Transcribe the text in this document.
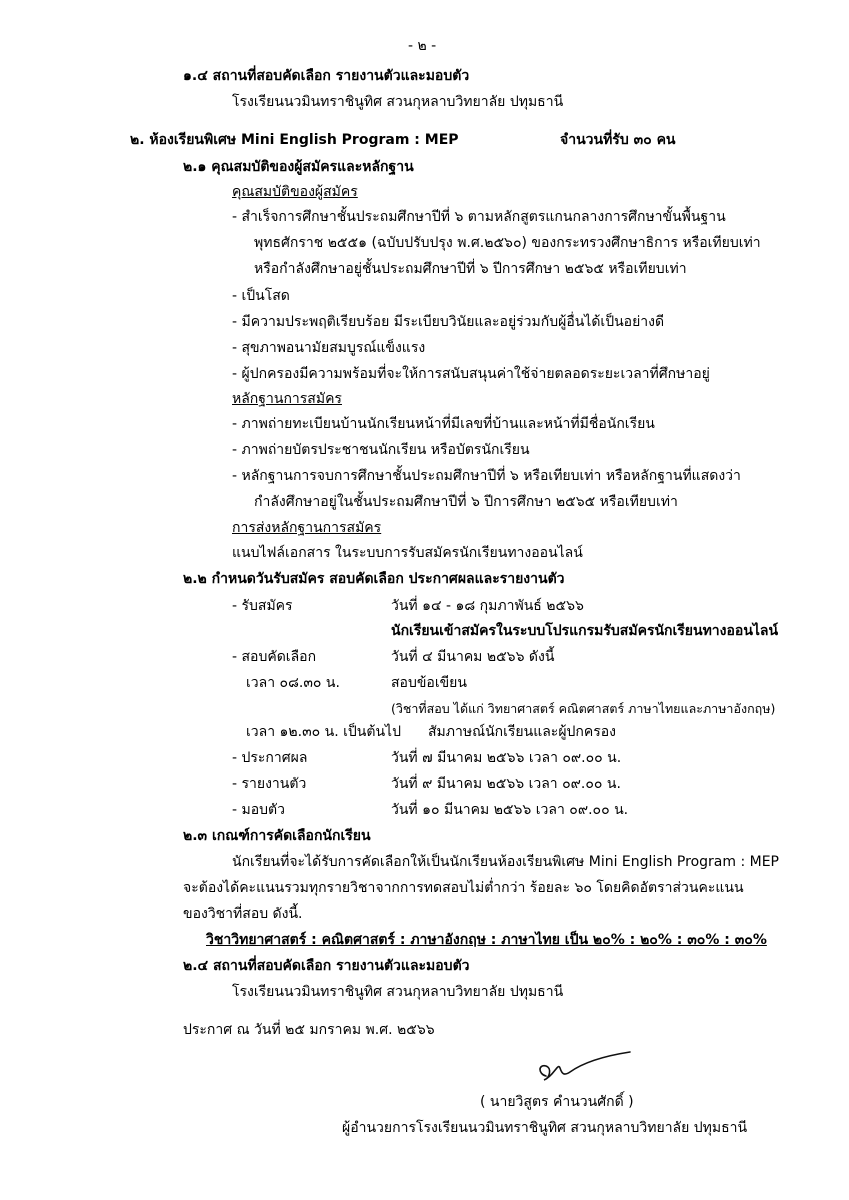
- ๒ -
๑.๔ สถานที่สอบคัดเลือก รายงานตัวและมอบตัว
โรงเรียนนวมินทราชินูทิศ สวนกุหลาบวิทยาลัย ปทุมธานี
๒. ห้องเรียนพิเศษ Mini English Program : MEP	จำนวนที่รับ ๓๐ คน
๒.๑ คุณสมบัติของผู้สมัครและหลักฐาน
คุณสมบัติของผู้สมัคร
- สำเร็จการศึกษาชั้นประถมศึกษาปีที่ ๖ ตามหลักสูตรแกนกลางการศึกษาขั้นพื้นฐาน
พุทธศักราช ๒๕๕๑ (ฉบับปรับปรุง พ.ศ.๒๕๖๐) ของกระทรวงศึกษาธิการ หรือเทียบเท่า
หรือกำลังศึกษาอยู่ชั้นประถมศึกษาปีที่ ๖ ปีการศึกษา ๒๕๖๕ หรือเทียบเท่า
- เป็นโสด
- มีความประพฤติเรียบร้อย มีระเบียบวินัยและอยู่ร่วมกับผู้อื่นได้เป็นอย่างดี
- สุขภาพอนามัยสมบูรณ์แข็งแรง
- ผู้ปกครองมีความพร้อมที่จะให้การสนับสนุนค่าใช้จ่ายตลอดระยะเวลาที่ศึกษาอยู่
หลักฐานการสมัคร
- ภาพถ่ายทะเบียนบ้านนักเรียนหน้าที่มีเลขที่บ้านและหน้าที่มีชื่อนักเรียน
- ภาพถ่ายบัตรประชาชนนักเรียน หรือบัตรนักเรียน
- หลักฐานการจบการศึกษาชั้นประถมศึกษาปีที่ ๖ หรือเทียบเท่า หรือหลักฐานที่แสดงว่า
กำลังศึกษาอยู่ในชั้นประถมศึกษาปีที่ ๖ ปีการศึกษา ๒๕๖๕ หรือเทียบเท่า
การส่งหลักฐานการสมัคร
แนบไฟล์เอกสาร ในระบบการรับสมัครนักเรียนทางออนไลน์
๒.๒ กำหนดวันรับสมัคร สอบคัดเลือก ประกาศผลและรายงานตัว
- รับสมัคร	วันที่ ๑๔ - ๑๘ กุมภาพันธ์ ๒๕๖๖
นักเรียนเข้าสมัครในระบบโปรแกรมรับสมัครนักเรียนทางออนไลน์
- สอบคัดเลือก	วันที่ ๔ มีนาคม ๒๕๖๖ ดังนี้
เวลา ๐๘.๓๐ น.	สอบข้อเขียน
(วิชาที่สอบ ได้แก่ วิทยาศาสตร์ คณิตศาสตร์ ภาษาไทยและภาษาอังกฤษ)
เวลา ๑๒.๓๐ น. เป็นต้นไป สัมภาษณ์นักเรียนและผู้ปกครอง
- ประกาศผล	วันที่ ๗ มีนาคม ๒๕๖๖ เวลา ๐๙.๐๐ น.
- รายงานตัว	วันที่ ๙ มีนาคม ๒๕๖๖ เวลา ๐๙.๐๐ น.
- มอบตัว	วันที่ ๑๐ มีนาคม ๒๕๖๖ เวลา ๐๙.๐๐ น.
๒.๓ เกณฑ์การคัดเลือกนักเรียน
นักเรียนที่จะได้รับการคัดเลือกให้เป็นนักเรียนห้องเรียนพิเศษ Mini English Program : MEP
จะต้องได้คะแนนรวมทุกรายวิชาจากการทดสอบไม่ต่ำกว่า ร้อยละ ๖๐ โดยคิดอัตราส่วนคะแนน
ของวิชาที่สอบ ดังนี้.
วิชาวิทยาศาสตร์ : คณิตศาสตร์ : ภาษาอังกฤษ : ภาษาไทย เป็น ๒๐% : ๒๐% : ๓๐% : ๓๐%
๒.๔ สถานที่สอบคัดเลือก รายงานตัวและมอบตัว
โรงเรียนนวมินทราชินูทิศ สวนกุหลาบวิทยาลัย ปทุมธานี
ประกาศ ณ วันที่ ๒๕ มกราคม พ.ศ. ๒๕๖๖
( นายวิสูตร คำนวนศักดิ์ )
ผู้อำนวยการโรงเรียนนวมินทราชินูทิศ สวนกุหลาบวิทยาลัย ปทุมธานี
